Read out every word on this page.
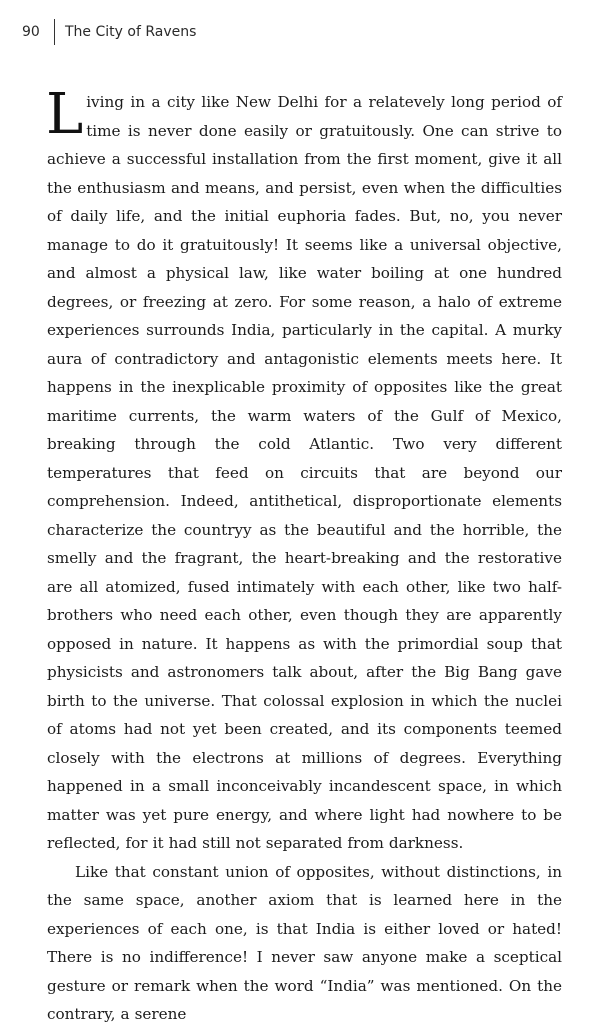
90 The City of Ravens

Living in a city like New Delhi for a relatevely long period of time is never done easily or gratuitously. One can strive to achieve a successful installation from the first moment, give it all the enthusiasm and means, and persist, even when the difficulties of daily life, and the initial euphoria fades. But, no, you never manage to do it gratuitously! It seems like a universal objective, and almost a physical law, like water boiling at one hundred degrees, or freezing at zero. For some reason, a halo of extreme experiences surrounds India, particularly in the capital. A murky aura of contradictory and antagonistic elements meets here. It happens in the inexplicable proximity of opposites like the great maritime currents, the warm waters of the Gulf of Mexico, breaking through the cold Atlantic. Two very different temperatures that feed on circuits that are beyond our comprehension. Indeed, antithetical, disproportionate elements characterize the countryy as the beautiful and the horrible, the smelly and the fragrant, the heart-breaking and the restorative are all atomized, fused intimately with each other, like two half-brothers who need each other, even though they are apparently opposed in nature. It happens as with the primordial soup that physicists and astronomers talk about, after the Big Bang gave birth to the universe. That colossal explosion in which the nuclei of atoms had not yet been created, and its components teemed closely with the electrons at millions of degrees. Everything happened in a small inconceivably incandescent space, in which matter was yet pure energy, and where light had nowhere to be reflected, for it had still not separated from darkness.

Like that constant union of opposites, without distinctions, in the same space, another axiom that is learned here in the experiences of each one, is that India is either loved or hated! There is no indifference! I never saw anyone make a sceptical gesture or remark when the word “India” was mentioned. On the contrary, a serene
